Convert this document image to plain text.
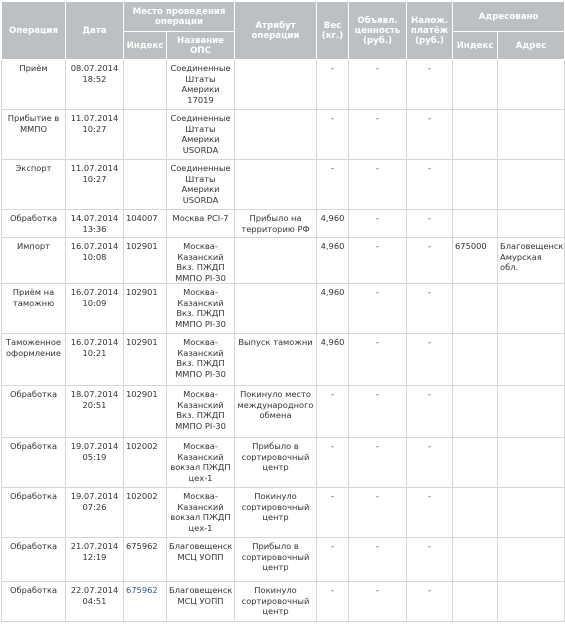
Операция	Дата	Место проведения операции		Атрибут операции	Вес (кг.)	Объявл. ценность (руб.)	Налож. платёж (руб.)	Адресовано	
		Индекс	Название ОПС					Индекс	Адрес
Приём	08.07.2014 18:52		Соединенные Штаты Америки 17019		-	-	-		
Прибытие в ММПО	11.07.2014 10:27		Соединенные Штаты Америки USORDA		-	-	-		
Экспорт	11.07.2014 10:27		Соединенные Штаты Америки USORDA		-	-	-		
Обработка	14.07.2014 13:36	104007	Москва PCI-7	Прибыло на территорию РФ	4,960	-	-		
Импорт	16.07.2014 10:08	102901	Москва-Казанский Вкз. ПЖДП ММПО PI-30		4,960	-	-	675000	Благовещенск Амурская обл.
Приём на таможню	16.07.2014 10:09	102901	Москва-Казанский Вкз. ПЖДП ММПО PI-30		4,960	-	-		
Таможенное оформление	16.07.2014 10:21	102901	Москва-Казанский Вкз. ПЖДП ММПО PI-30	Выпуск таможни	4,960	-	-		
Обработка	18.07.2014 20:51	102901	Москва-Казанский Вкз. ПЖДП ММПО PI-30	Покинуло место международного обмена	-	-	-		
Обработка	19.07.2014 05:19	102002	Москва-Казанский вокзал ПЖДП цех-1	Прибыло в сортировочный центр	-	-	-		
Обработка	19.07.2014 07:26	102002	Москва-Казанский вокзал ПЖДП цех-1	Покинуло сортировочный центр	-	-	-		
Обработка	21.07.2014 12:19	675962	Благовещенск МСЦ УОПП	Прибыло в сортировочный центр	-	-	-		
Обработка	22.07.2014 04:51	675962	Благовещенск МСЦ УОПП	Покинуло сортировочный центр	-	-	-		
